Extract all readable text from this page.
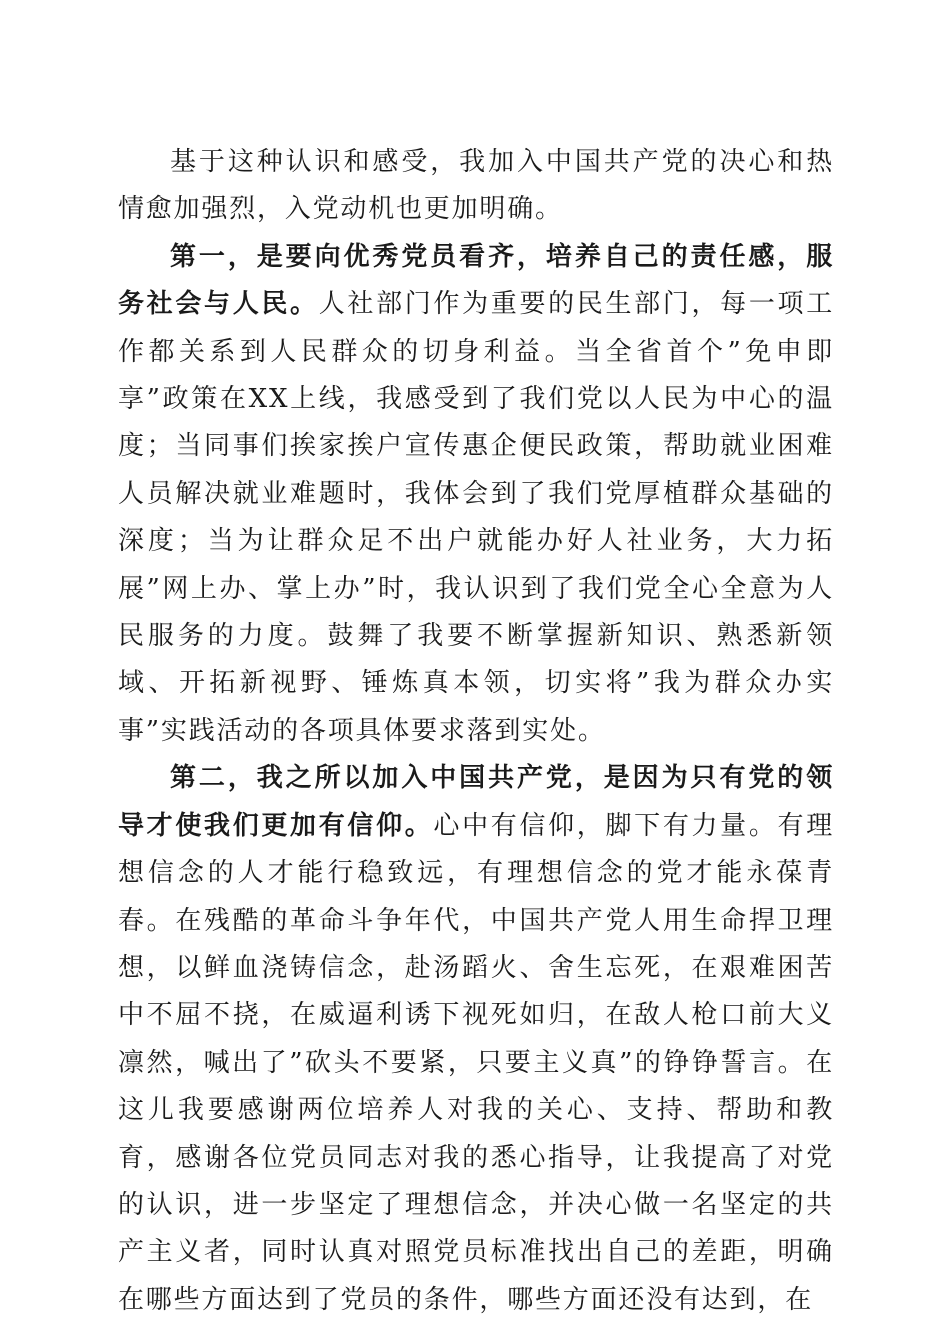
基于这种认识和感受，我加入中国共产党的决心和热情愈加强烈，入党动机也更加明确。

第一，是要向优秀党员看齐，培养自己的责任感，服务社会与人民。人社部门作为重要的民生部门，每一项工作都关系到人民群众的切身利益。当全省首个”免申即享”政策在XX上线，我感受到了我们党以人民为中心的温度；当同事们挨家挨户宣传惠企便民政策，帮助就业困难人员解决就业难题时，我体会到了我们党厚植群众基础的深度；当为让群众足不出户就能办好人社业务，大力拓展”网上办、掌上办”时，我认识到了我们党全心全意为人民服务的力度。鼓舞了我要不断掌握新知识、熟悉新领域、开拓新视野、锤炼真本领，切实将”我为群众办实事”实践活动的各项具体要求落到实处。

第二，我之所以加入中国共产党，是因为只有党的领导才使我们更加有信仰。心中有信仰，脚下有力量。有理想信念的人才能行稳致远，有理想信念的党才能永葆青春。在残酷的革命斗争年代，中国共产党人用生命捍卫理想，以鲜血浇铸信念，赴汤蹈火、舍生忘死，在艰难困苦中不屈不挠，在威逼利诱下视死如归，在敌人枪口前大义凛然，喊出了”砍头不要紧，只要主义真”的铮铮誓言。在这儿我要感谢两位培养人对我的关心、支持、帮助和教育，感谢各位党员同志对我的悉心指导，让我提高了对党的认识，进一步坚定了理想信念，并决心做一名坚定的共产主义者，同时认真对照党员标准找出自己的差距，明确在哪些方面达到了党员的条件，哪些方面还没有达到，在
